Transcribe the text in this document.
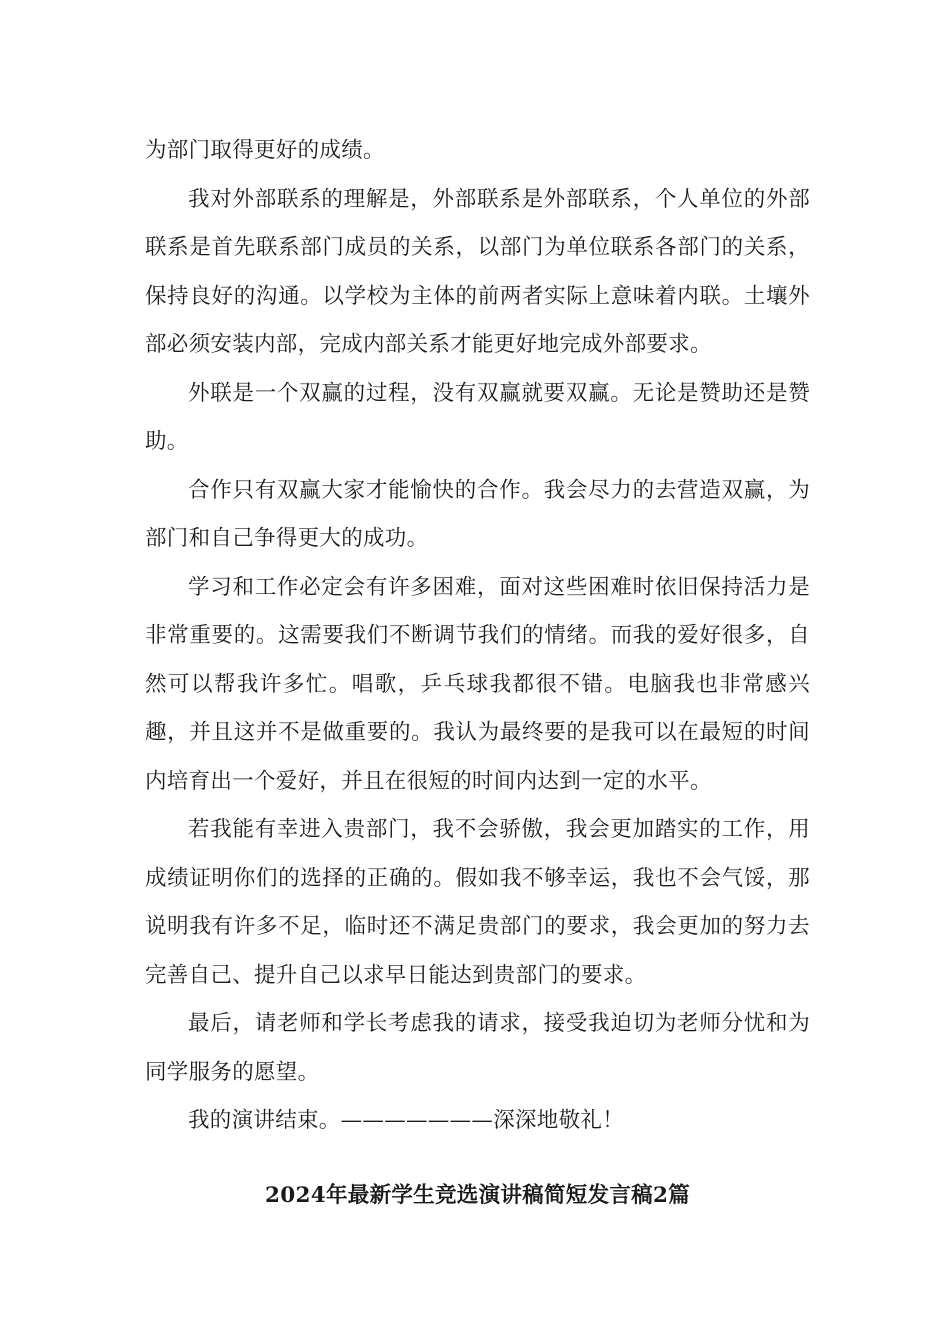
为部门取得更好的成绩。

我对外部联系的理解是，外部联系是外部联系，个人单位的外部联系是首先联系部门成员的关系，以部门为单位联系各部门的关系，保持良好的沟通。以学校为主体的前两者实际上意味着内联。土壤外部必须安装内部，完成内部关系才能更好地完成外部要求。

外联是一个双赢的过程，没有双赢就要双赢。无论是赞助还是赞助。

合作只有双赢大家才能愉快的合作。我会尽力的去营造双赢，为部门和自己争得更大的成功。

学习和工作必定会有许多困难，面对这些困难时依旧保持活力是非常重要的。这需要我们不断调节我们的情绪。而我的爱好很多，自然可以帮我许多忙。唱歌，乒乓球我都很不错。电脑我也非常感兴趣，并且这并不是做重要的。我认为最终要的是我可以在最短的时间内培育出一个爱好，并且在很短的时间内达到一定的水平。

若我能有幸进入贵部门，我不会骄傲，我会更加踏实的工作，用成绩证明你们的选择的正确的。假如我不够幸运，我也不会气馁，那说明我有许多不足，临时还不满足贵部门的要求，我会更加的努力去完善自己、提升自己以求早日能达到贵部门的要求。

最后，请老师和学长考虑我的请求，接受我迫切为老师分忧和为同学服务的愿望。

我的演讲结束。———————深深地敬礼！

2024年最新学生竞选演讲稿简短发言稿2篇
